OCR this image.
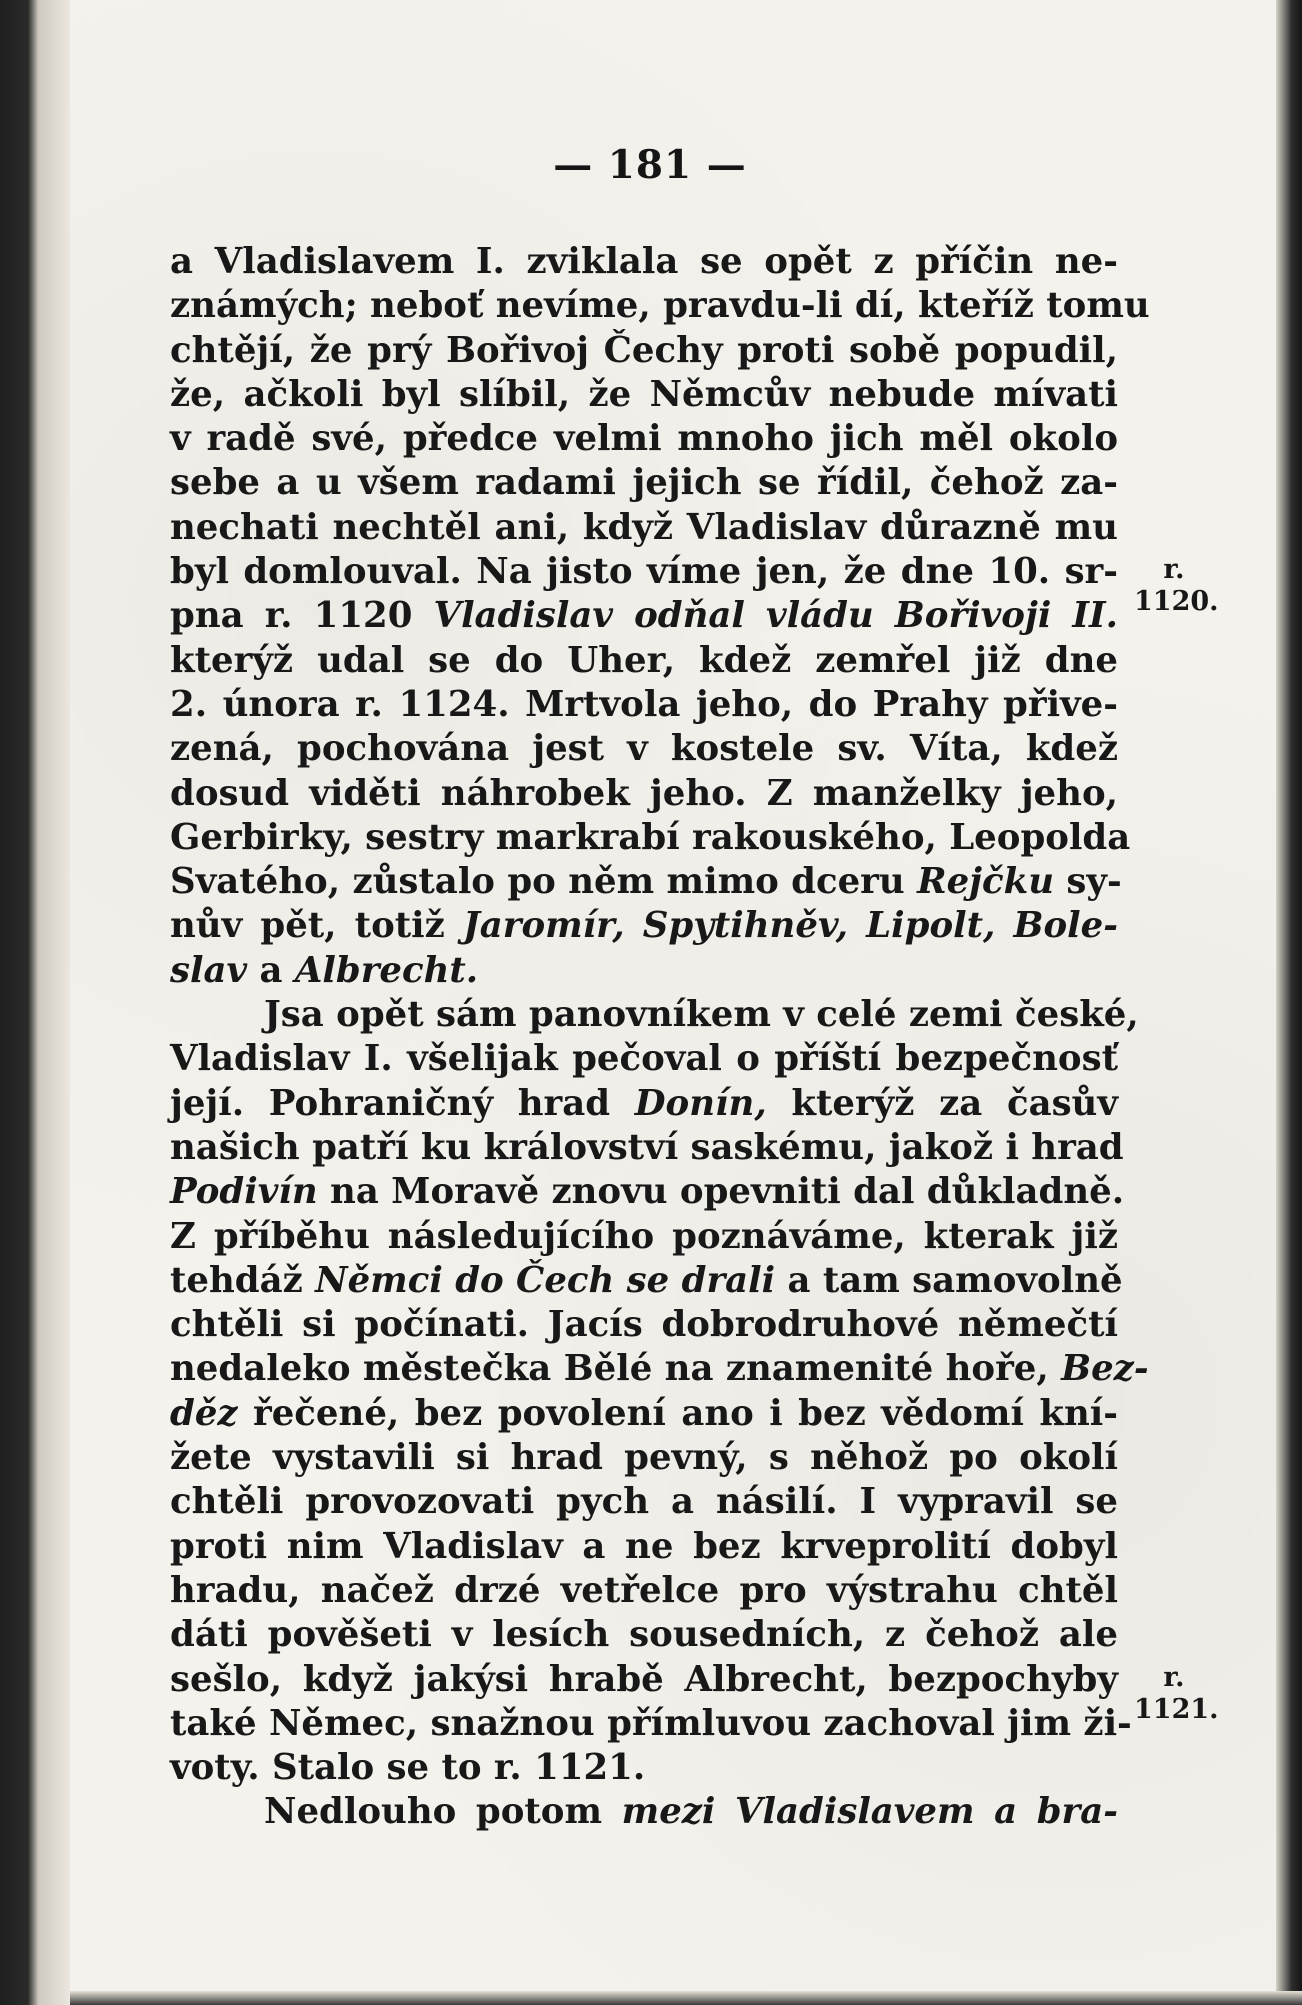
— 181 —
a Vladislavem I. zviklala se opět z příčin ne-
známých; neboť nevíme, pravdu-li dí, kteříž tomu
chtějí, že prý Bořivoj Čechy proti sobě popudil,
že, ačkoli byl slíbil, že Němcův nebude mívati
v radě své, předce velmi mnoho jich měl okolo
sebe a u všem radami jejich se řídil, čehož za-
nechati nechtěl ani, když Vladislav důrazně mu
byl domlouval. Na jisto víme jen, že dne 10. sr-
pna r. 1120 Vladislav odňal vládu Bořivoji II.
kterýž udal se do Uher, kdež zemřel již dne
2. února r. 1124. Mrtvola jeho, do Prahy přive-
zená, pochována jest v kostele sv. Víta, kdež
dosud viděti náhrobek jeho. Z manželky jeho,
Gerbirky, sestry markrabí rakouského, Leopolda
Svatého, zůstalo po něm mimo dceru Rejčku sy-
nův pět, totiž Jaromír, Spytihněv, Lipolt, Bole-
slav a Albrecht.
Jsa opět sám panovníkem v celé zemi české,
Vladislav I. všelijak pečoval o příští bezpečnosť
její. Pohraničný hrad Donín, kterýž za časův
našich patří ku království saskému, jakož i hrad
Podivín na Moravě znovu opevniti dal důkladně.
Z příběhu následujícího poznáváme, kterak již
tehdáž Němci do Čech se drali a tam samovolně
chtěli si počínati. Jacís dobrodruhové němečtí
nedaleko městečka Bělé na znamenité hoře, Bez-
děz řečené, bez povolení ano i bez vědomí kní-
žete vystavili si hrad pevný, s něhož po okolí
chtěli provozovati pych a násilí. I vypravil se
proti nim Vladislav a ne bez krveprolití dobyl
hradu, načež drzé vetřelce pro výstrahu chtěl
dáti pověšeti v lesích sousedních, z čehož ale
sešlo, když jakýsi hrabě Albrecht, bezpochyby
také Němec, snažnou přímluvou zachoval jim ži-
voty. Stalo se to r. 1121.
Nedlouho potom mezi Vladislavem a bra-
r.
1120.
r.
1121.
